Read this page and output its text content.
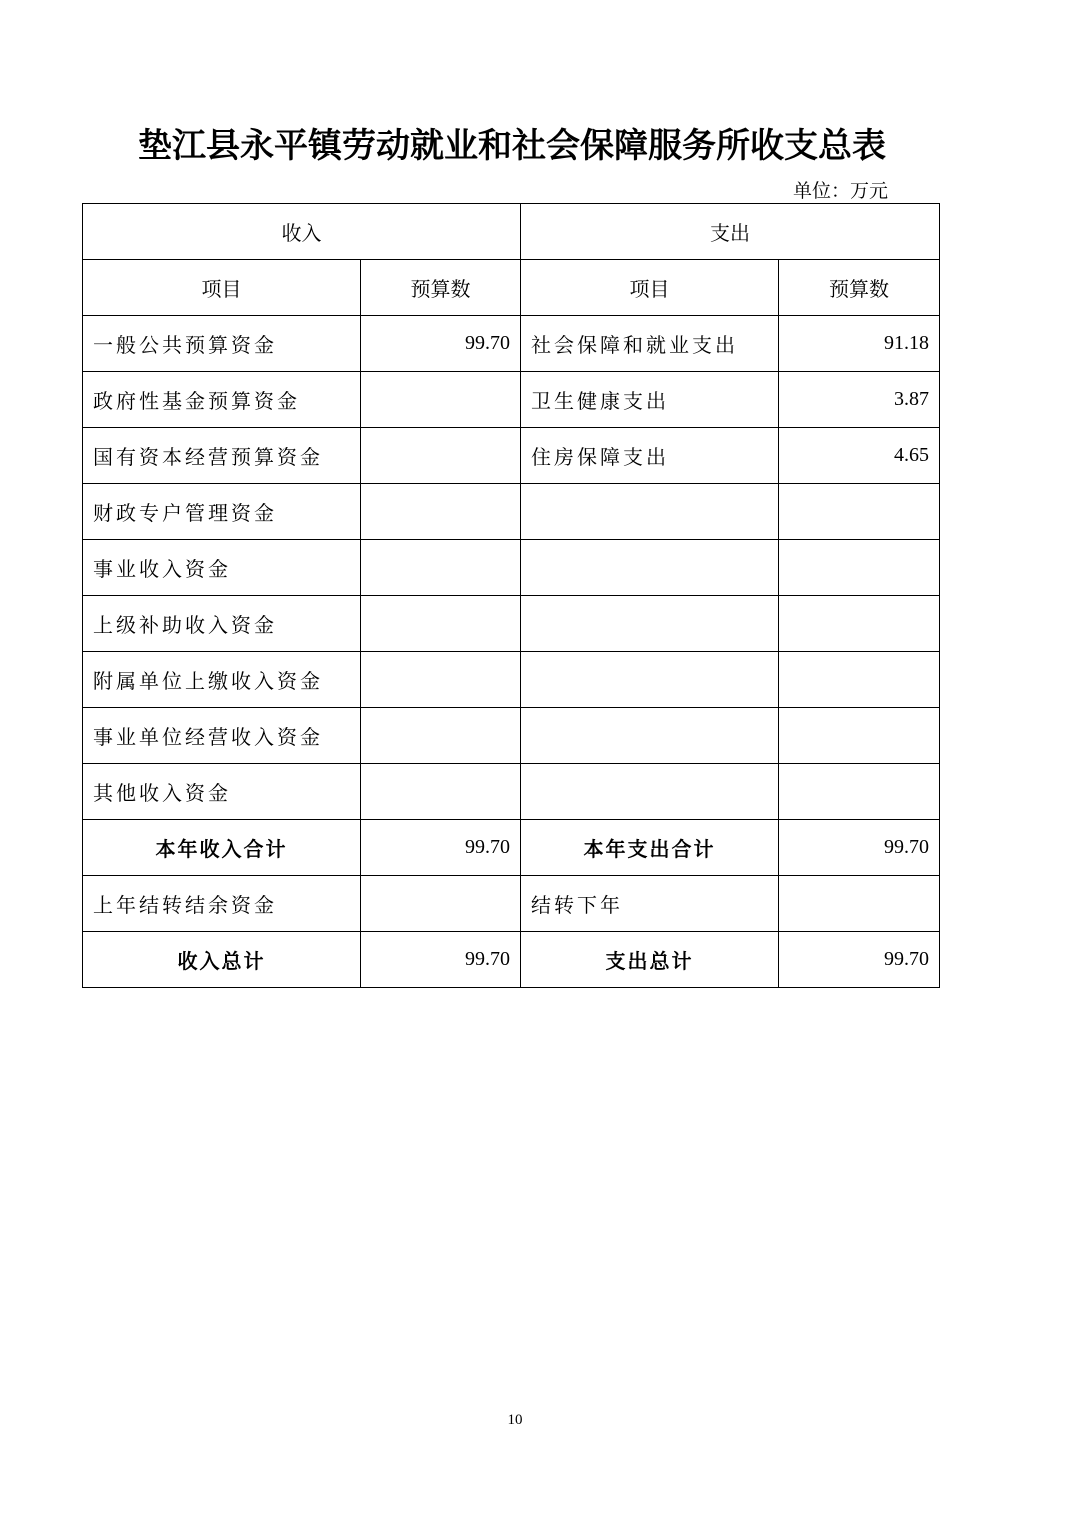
垫江县永平镇劳动就业和社会保障服务所收支总表
单位：万元
收入		支出	
项目	预算数	项目	预算数
一般公共预算资金	99.70	社会保障和就业支出	91.18
政府性基金预算资金		卫生健康支出	3.87
国有资本经营预算资金		住房保障支出	4.65
财政专户管理资金			
事业收入资金			
上级补助收入资金			
附属单位上缴收入资金			
事业单位经营收入资金			
其他收入资金			
本年收入合计	99.70	本年支出合计	99.70
上年结转结余资金		结转下年	
收入总计	99.70	支出总计	99.70
10
